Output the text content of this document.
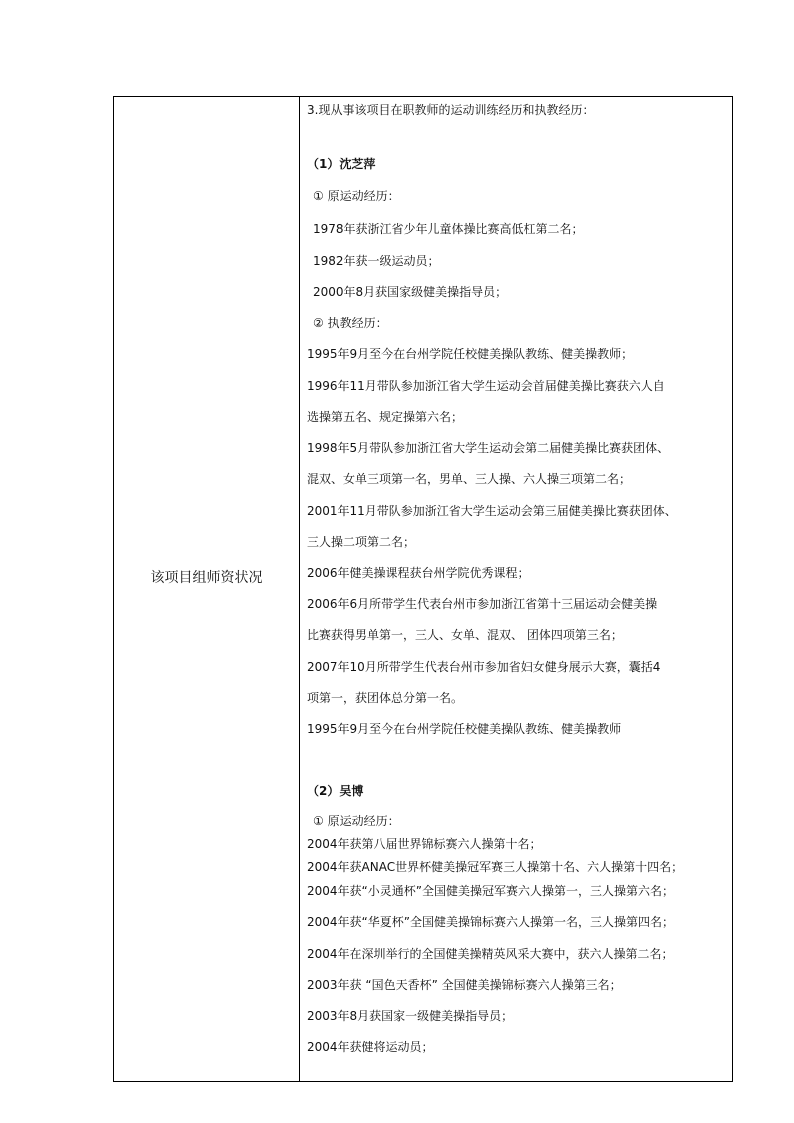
该项目组师资状况
3.现从事该项目在职教师的运动训练经历和执教经历：
（1）沈芝萍
① 原运动经历：
1978年获浙江省少年儿童体操比赛高低杠第二名；
1982年获一级运动员；
2000年8月获国家级健美操指导员；
② 执教经历：
1995年9月至今在台州学院任校健美操队教练、健美操教师；
1996年11月带队参加浙江省大学生运动会首届健美操比赛获六人自
选操第五名、规定操第六名；
1998年5月带队参加浙江省大学生运动会第二届健美操比赛获团体、
混双、女单三项第一名，男单、三人操、六人操三项第二名；
2001年11月带队参加浙江省大学生运动会第三届健美操比赛获团体、
三人操二项第二名；
2006年健美操课程获台州学院优秀课程；
2006年6月所带学生代表台州市参加浙江省第十三届运动会健美操
比赛获得男单第一，三人、女单、混双、 团体四项第三名；
2007年10月所带学生代表台州市参加省妇女健身展示大赛，囊括4
项第一，获团体总分第一名。
1995年9月至今在台州学院任校健美操队教练、健美操教师
（2）吴博
① 原运动经历：
2004年获第八届世界锦标赛六人操第十名；
2004年获ANAC世界杯健美操冠军赛三人操第十名、六人操第十四名；
2004年获“小灵通杯”全国健美操冠军赛六人操第一，三人操第六名；
2004年获“华夏杯”全国健美操锦标赛六人操第一名，三人操第四名；
2004年在深圳举行的全国健美操精英风采大赛中，获六人操第二名；
2003年获 “国色天香杯” 全国健美操锦标赛六人操第三名；
2003年8月获国家一级健美操指导员；
2004年获健将运动员；
